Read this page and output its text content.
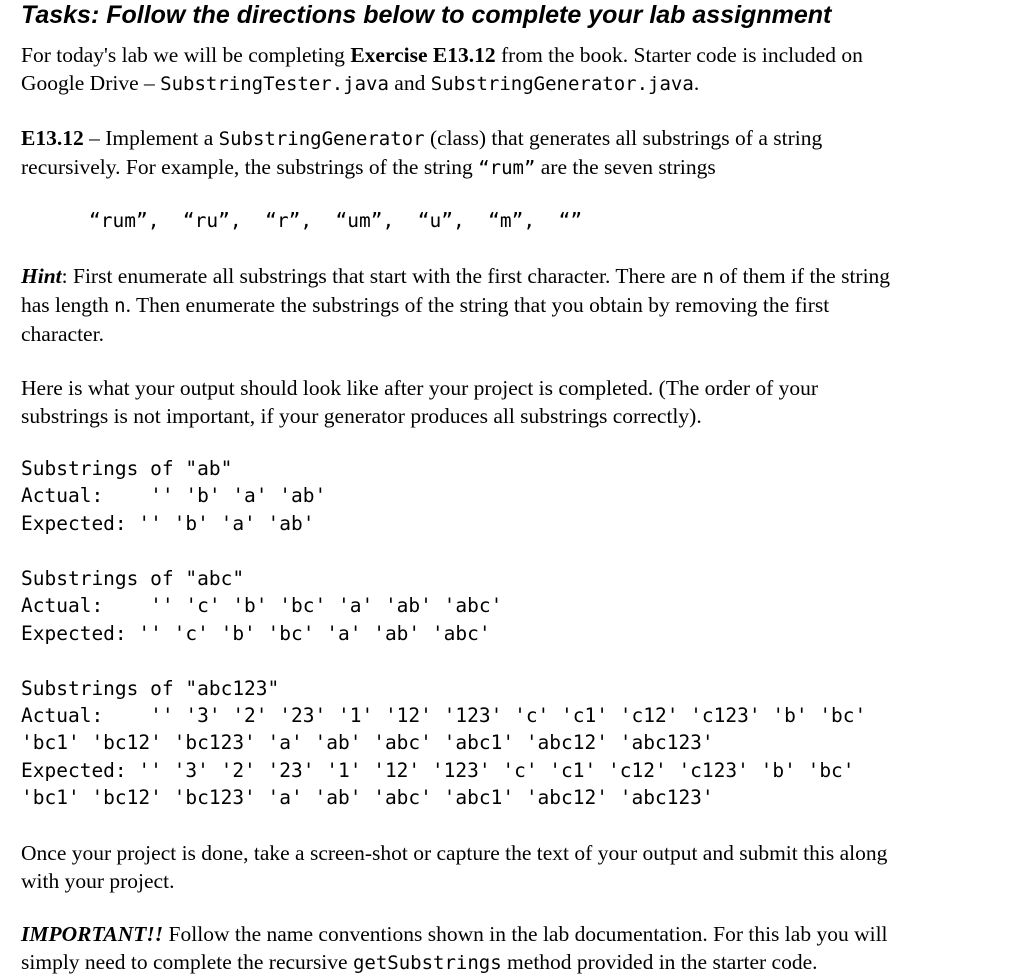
Tasks: Follow the directions below to complete your lab assignment
For today's lab we will be completing Exercise E13.12 from the book. Starter code is included on
Google Drive – SubstringTester.java and SubstringGenerator.java.
E13.12 – Implement a SubstringGenerator (class) that generates all substrings of a string
recursively. For example, the substrings of the string “rum” are the seven strings
“rum”,  “ru”,  “r”,  “um”,  “u”,  “m”,  “”
Hint: First enumerate all substrings that start with the first character. There are n of them if the string
has length n. Then enumerate the substrings of the string that you obtain by removing the first
character.
Here is what your output should look like after your project is completed. (The order of your
substrings is not important, if your generator produces all substrings correctly).
Substrings of "ab"
Actual:    '' 'b' 'a' 'ab'
Expected: '' 'b' 'a' 'ab'
Substrings of "abc"
Actual:    '' 'c' 'b' 'bc' 'a' 'ab' 'abc'
Expected: '' 'c' 'b' 'bc' 'a' 'ab' 'abc'
Substrings of "abc123"
Actual:    '' '3' '2' '23' '1' '12' '123' 'c' 'c1' 'c12' 'c123' 'b' 'bc'
'bc1' 'bc12' 'bc123' 'a' 'ab' 'abc' 'abc1' 'abc12' 'abc123'
Expected: '' '3' '2' '23' '1' '12' '123' 'c' 'c1' 'c12' 'c123' 'b' 'bc'
'bc1' 'bc12' 'bc123' 'a' 'ab' 'abc' 'abc1' 'abc12' 'abc123'
Once your project is done, take a screen-shot or capture the text of your output and submit this along
with your project.
IMPORTANT!! Follow the name conventions shown in the lab documentation. For this lab you will
simply need to complete the recursive getSubstrings method provided in the starter code.
